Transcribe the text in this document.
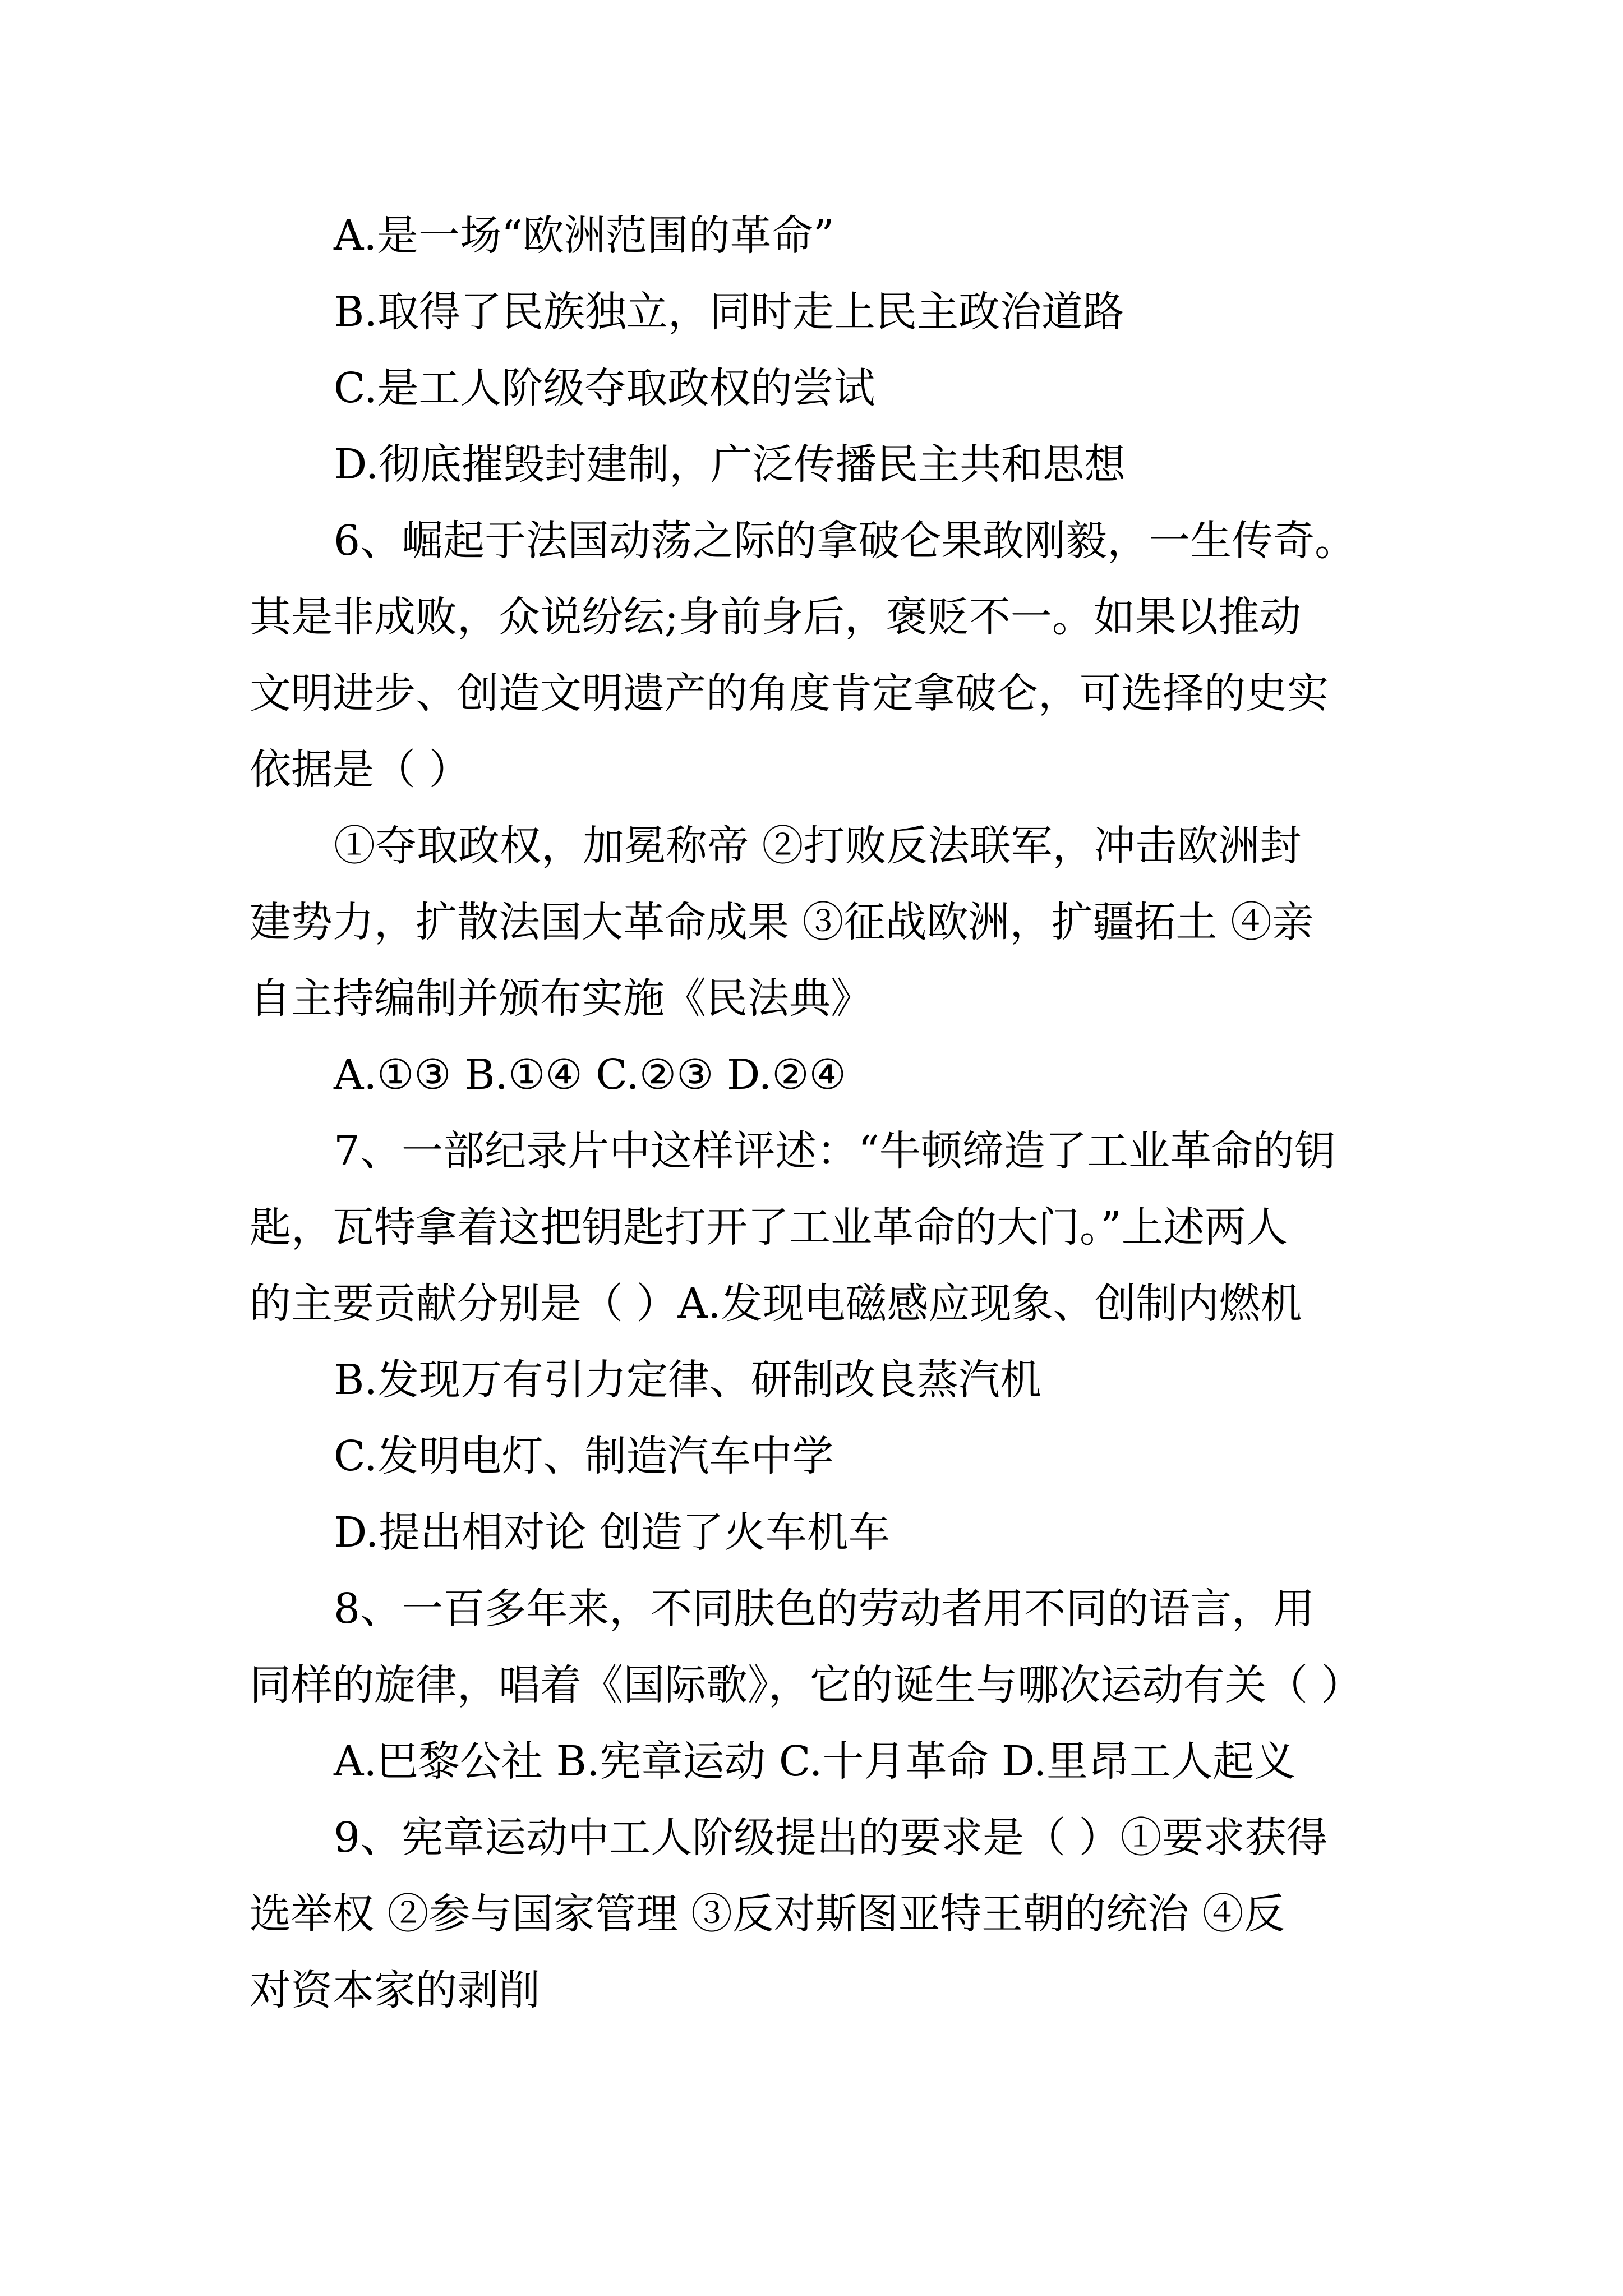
A.是一场“欧洲范围的革命”
B.取得了民族独立，同时走上民主政治道路
C.是工人阶级夺取政权的尝试
D.彻底摧毁封建制，广泛传播民主共和思想
6、崛起于法国动荡之际的拿破仑果敢刚毅，一生传奇。
其是非成败，众说纷纭;身前身后，褒贬不一。如果以推动
文明进步、创造文明遗产的角度肯定拿破仑，可选择的史实
依据是（ ）
①夺取政权，加冕称帝 ②打败反法联军，冲击欧洲封
建势力，扩散法国大革命成果 ③征战欧洲，扩疆拓土 ④亲
自主持编制并颁布实施《民法典》
A.①③ B.①④ C.②③ D.②④
7、一部纪录片中这样评述：“牛顿缔造了工业革命的钥
匙，瓦特拿着这把钥匙打开了工业革命的大门。”上述两人
的主要贡献分别是（ ）A.发现电磁感应现象、创制内燃机
B.发现万有引力定律、研制改良蒸汽机
C.发明电灯、制造汽车中学
D.提出相对论 创造了火车机车
8、一百多年来，不同肤色的劳动者用不同的语言，用
同样的旋律，唱着《国际歌》，它的诞生与哪次运动有关（ ）
A.巴黎公社 B.宪章运动 C.十月革命 D.里昂工人起义
9、宪章运动中工人阶级提出的要求是（ ）①要求获得
选举权 ②参与国家管理 ③反对斯图亚特王朝的统治 ④反
对资本家的剥削
